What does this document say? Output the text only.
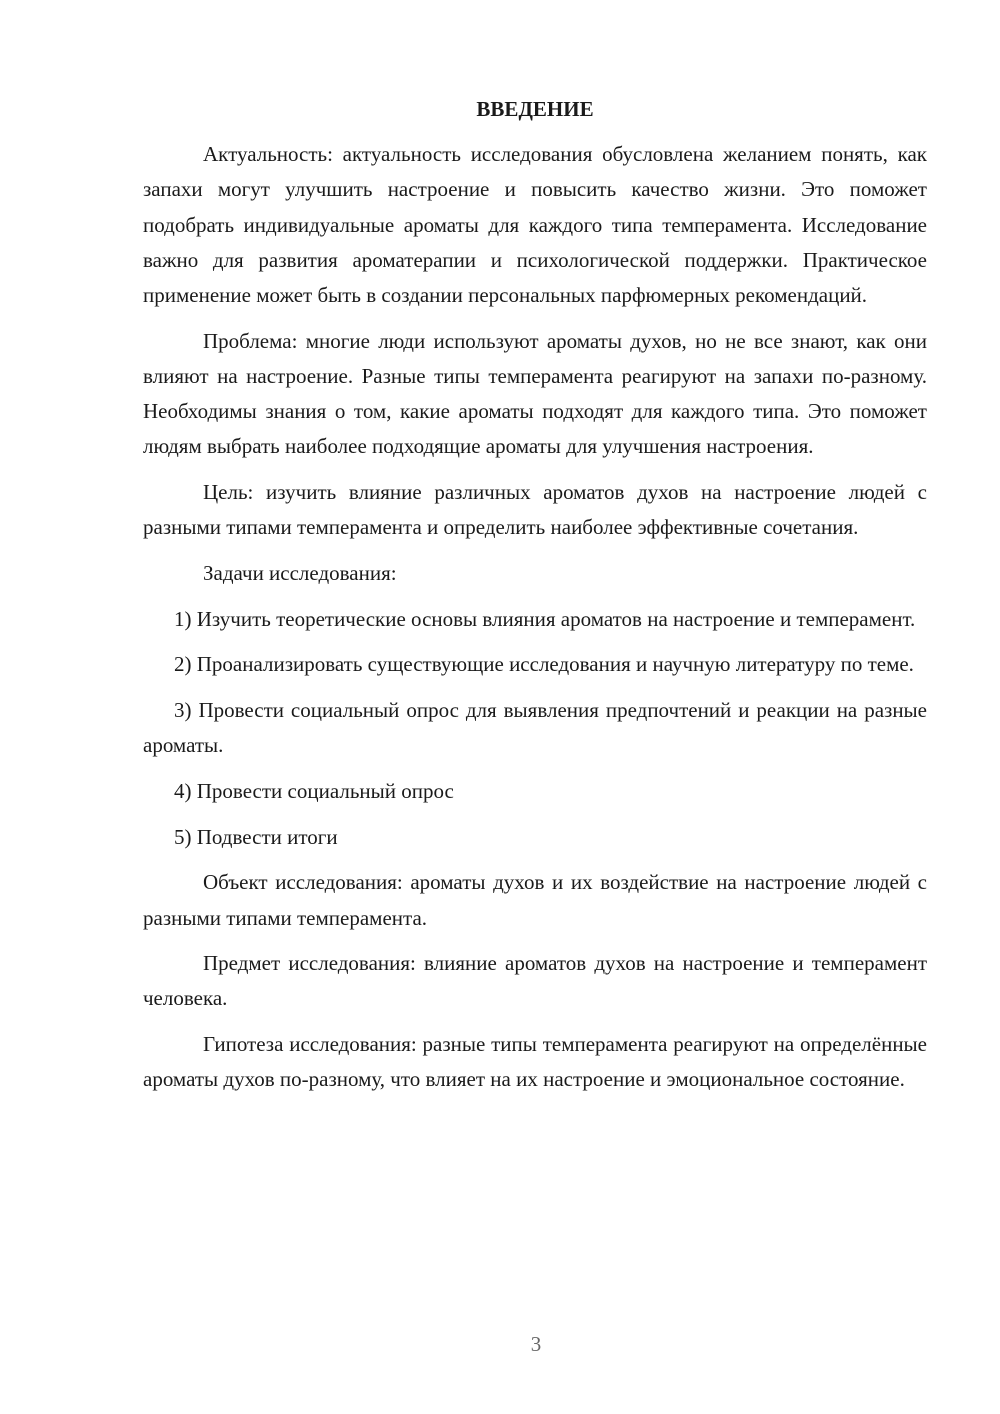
ВВЕДЕНИЕ

Актуальность: актуальность исследования обусловлена желанием понять, как запахи могут улучшить настроение и повысить качество жизни. Это поможет подобрать индивидуальные ароматы для каждого типа темперамента. Исследование важно для развития ароматерапии и психологической поддержки. Практическое применение может быть в создании персональных парфюмерных рекомендаций.

Проблема: многие люди используют ароматы духов, но не все знают, как они влияют на настроение. Разные типы темперамента реагируют на запахи по-разному. Необходимы знания о том, какие ароматы подходят для каждого типа. Это поможет людям выбрать наиболее подходящие ароматы для улучшения настроения.

Цель: изучить влияние различных ароматов духов на настроение людей с разными типами темперамента и определить наиболее эффективные сочетания.

Задачи исследования:

1) Изучить теоретические основы влияния ароматов на настроение и темперамент.

2) Проанализировать существующие исследования и научную литературу по теме.

3) Провести социальный опрос для выявления предпочтений и реакции на разные ароматы.

4) Провести социальный опрос

5) Подвести итоги

Объект исследования: ароматы духов и их воздействие на настроение людей с разными типами темперамента.

Предмет исследования: влияние ароматов духов на настроение и темперамент человека.

Гипотеза исследования: разные типы темперамента реагируют на определённые ароматы духов по-разному, что влияет на их настроение и эмоциональное состояние.

3
